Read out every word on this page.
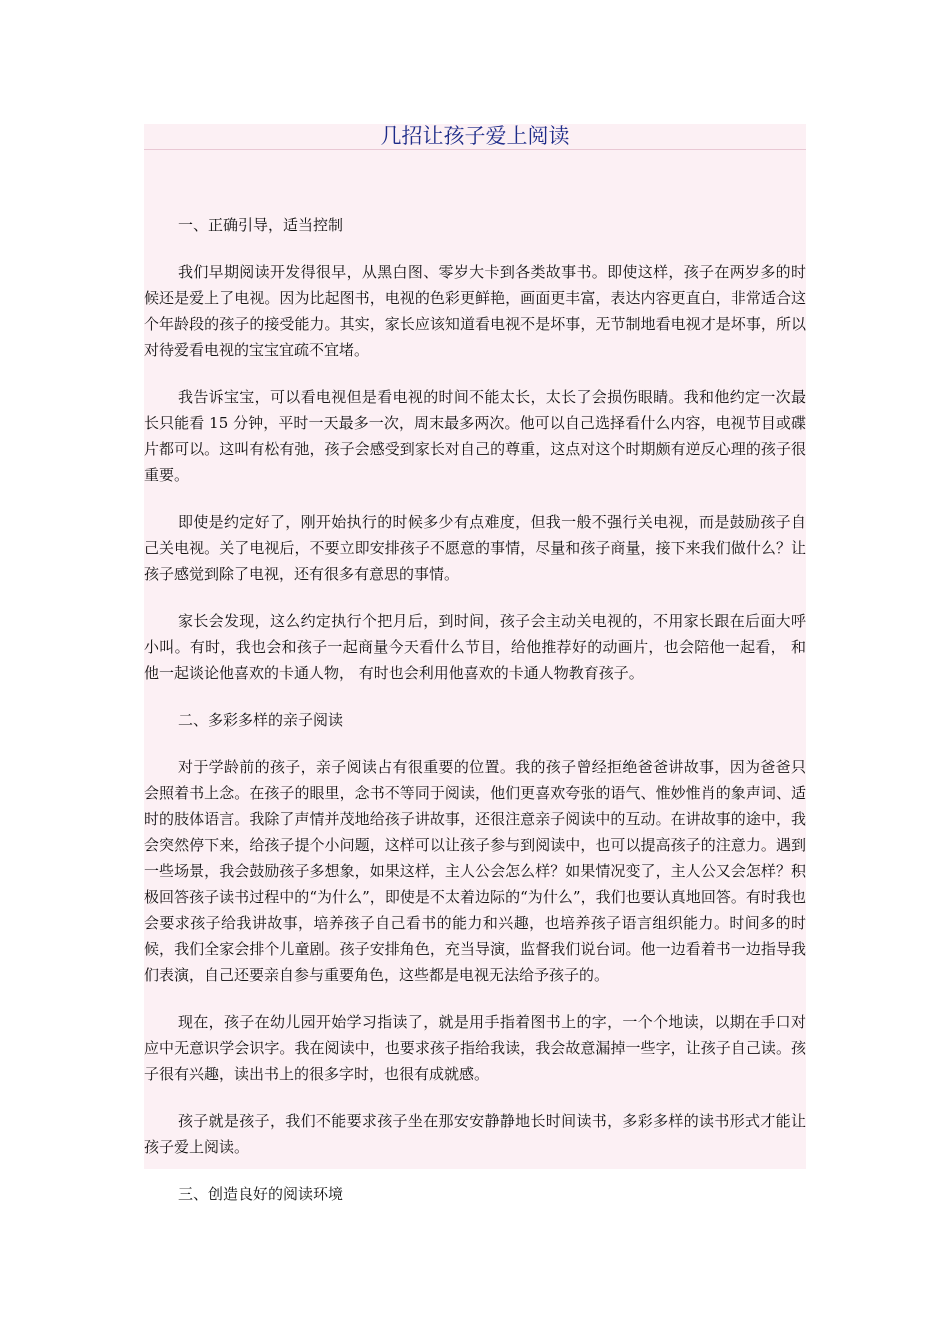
几招让孩子爱上阅读

一、正确引导，适当控制

我们早期阅读开发得很早，从黑白图、零岁大卡到各类故事书。即使这样，孩子在两岁多的时候还是爱上了电视。因为比起图书，电视的色彩更鲜艳，画面更丰富，表达内容更直白，非常适合这个年龄段的孩子的接受能力。其实，家长应该知道看电视不是坏事，无节制地看电视才是坏事，所以对待爱看电视的宝宝宜疏不宜堵。

我告诉宝宝，可以看电视但是看电视的时间不能太长，太长了会损伤眼睛。我和他约定一次最长只能看 15 分钟，平时一天最多一次，周末最多两次。他可以自己选择看什么内容，电视节目或碟片都可以。这叫有松有弛，孩子会感受到家长对自己的尊重，这点对这个时期颇有逆反心理的孩子很重要。

即使是约定好了，刚开始执行的时候多少有点难度，但我一般不强行关电视，而是鼓励孩子自己关电视。关了电视后，不要立即安排孩子不愿意的事情，尽量和孩子商量，接下来我们做什么？让孩子感觉到除了电视，还有很多有意思的事情。

家长会发现，这么约定执行个把月后，到时间，孩子会主动关电视的，不用家长跟在后面大呼小叫。有时，我也会和孩子一起商量今天看什么节目，给他推荐好的动画片，也会陪他一起看， 和他一起谈论他喜欢的卡通人物， 有时也会利用他喜欢的卡通人物教育孩子。

二、多彩多样的亲子阅读

对于学龄前的孩子，亲子阅读占有很重要的位置。我的孩子曾经拒绝爸爸讲故事，因为爸爸只会照着书上念。在孩子的眼里，念书不等同于阅读，他们更喜欢夸张的语气、惟妙惟肖的象声词、适时的肢体语言。我除了声情并茂地给孩子讲故事，还很注意亲子阅读中的互动。在讲故事的途中，我会突然停下来，给孩子提个小问题，这样可以让孩子参与到阅读中，也可以提高孩子的注意力。遇到一些场景，我会鼓励孩子多想象，如果这样，主人公会怎么样？如果情况变了，主人公又会怎样？积极回答孩子读书过程中的“为什么”，即使是不太着边际的“为什么”，我们也要认真地回答。有时我也会要求孩子给我讲故事，培养孩子自己看书的能力和兴趣，也培养孩子语言组织能力。时间多的时候，我们全家会排个儿童剧。孩子安排角色，充当导演，监督我们说台词。他一边看着书一边指导我们表演，自己还要亲自参与重要角色，这些都是电视无法给予孩子的。

现在，孩子在幼儿园开始学习指读了，就是用手指着图书上的字，一个个地读，以期在手口对应中无意识学会识字。我在阅读中，也要求孩子指给我读，我会故意漏掉一些字，让孩子自己读。孩子很有兴趣，读出书上的很多字时，也很有成就感。

孩子就是孩子，我们不能要求孩子坐在那安安静静地长时间读书，多彩多样的读书形式才能让孩子爱上阅读。

三、创造良好的阅读环境
